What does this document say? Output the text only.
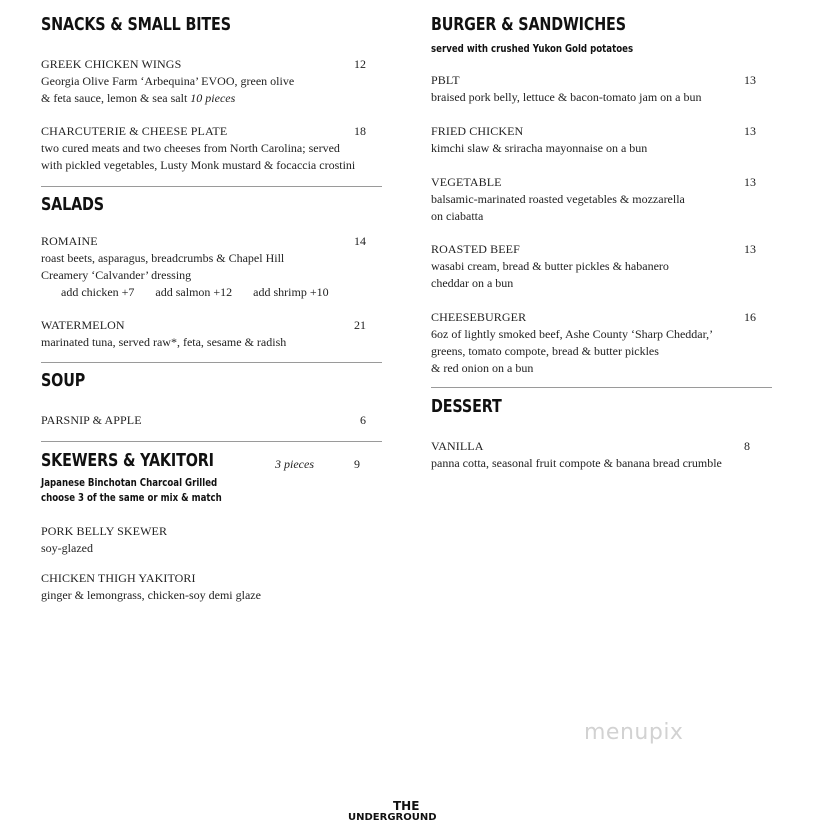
SNACKS & SMALL BITES
GREEK CHICKEN WINGS	12
Georgia Olive Farm ‘Arbequina’ EVOO, green olive
& feta sauce, lemon & sea salt 10 pieces
CHARCUTERIE & CHEESE PLATE	18
two cured meats and two cheeses from North Carolina; served
with pickled vegetables, Lusty Monk mustard & focaccia crostini
SALADS
ROMAINE	14
roast beets, asparagus, breadcrumbs & Chapel Hill
Creamery ‘Calvander’ dressing
add chicken +7 add salmon +12 add shrimp +10
WATERMELON	21
marinated tuna, served raw*, feta, sesame & radish
SOUP
PARSNIP & APPLE	6
SKEWERS & YAKITORI	3 pieces	9
Japanese Binchotan Charcoal Grilled
choose 3 of the same or mix & match
PORK BELLY SKEWER
soy-glazed
CHICKEN THIGH YAKITORI
ginger & lemongrass, chicken-soy demi glaze
BURGER & SANDWICHES
served with crushed Yukon Gold potatoes
PBLT	13
braised pork belly, lettuce & bacon-tomato jam on a bun
FRIED CHICKEN	13
kimchi slaw & sriracha mayonnaise on a bun
VEGETABLE	13
balsamic-marinated roasted vegetables & mozzarella
on ciabatta
ROASTED BEEF	13
wasabi cream, bread & butter pickles & habanero
cheddar on a bun
CHEESEBURGER	16
6oz of lightly smoked beef, Ashe County ‘Sharp Cheddar,’
greens, tomato compote, bread & butter pickles
& red onion on a bun
DESSERT
VANILLA	8
panna cotta, seasonal fruit compote & banana bread crumble
menupix
THE
UNDERGROUND
